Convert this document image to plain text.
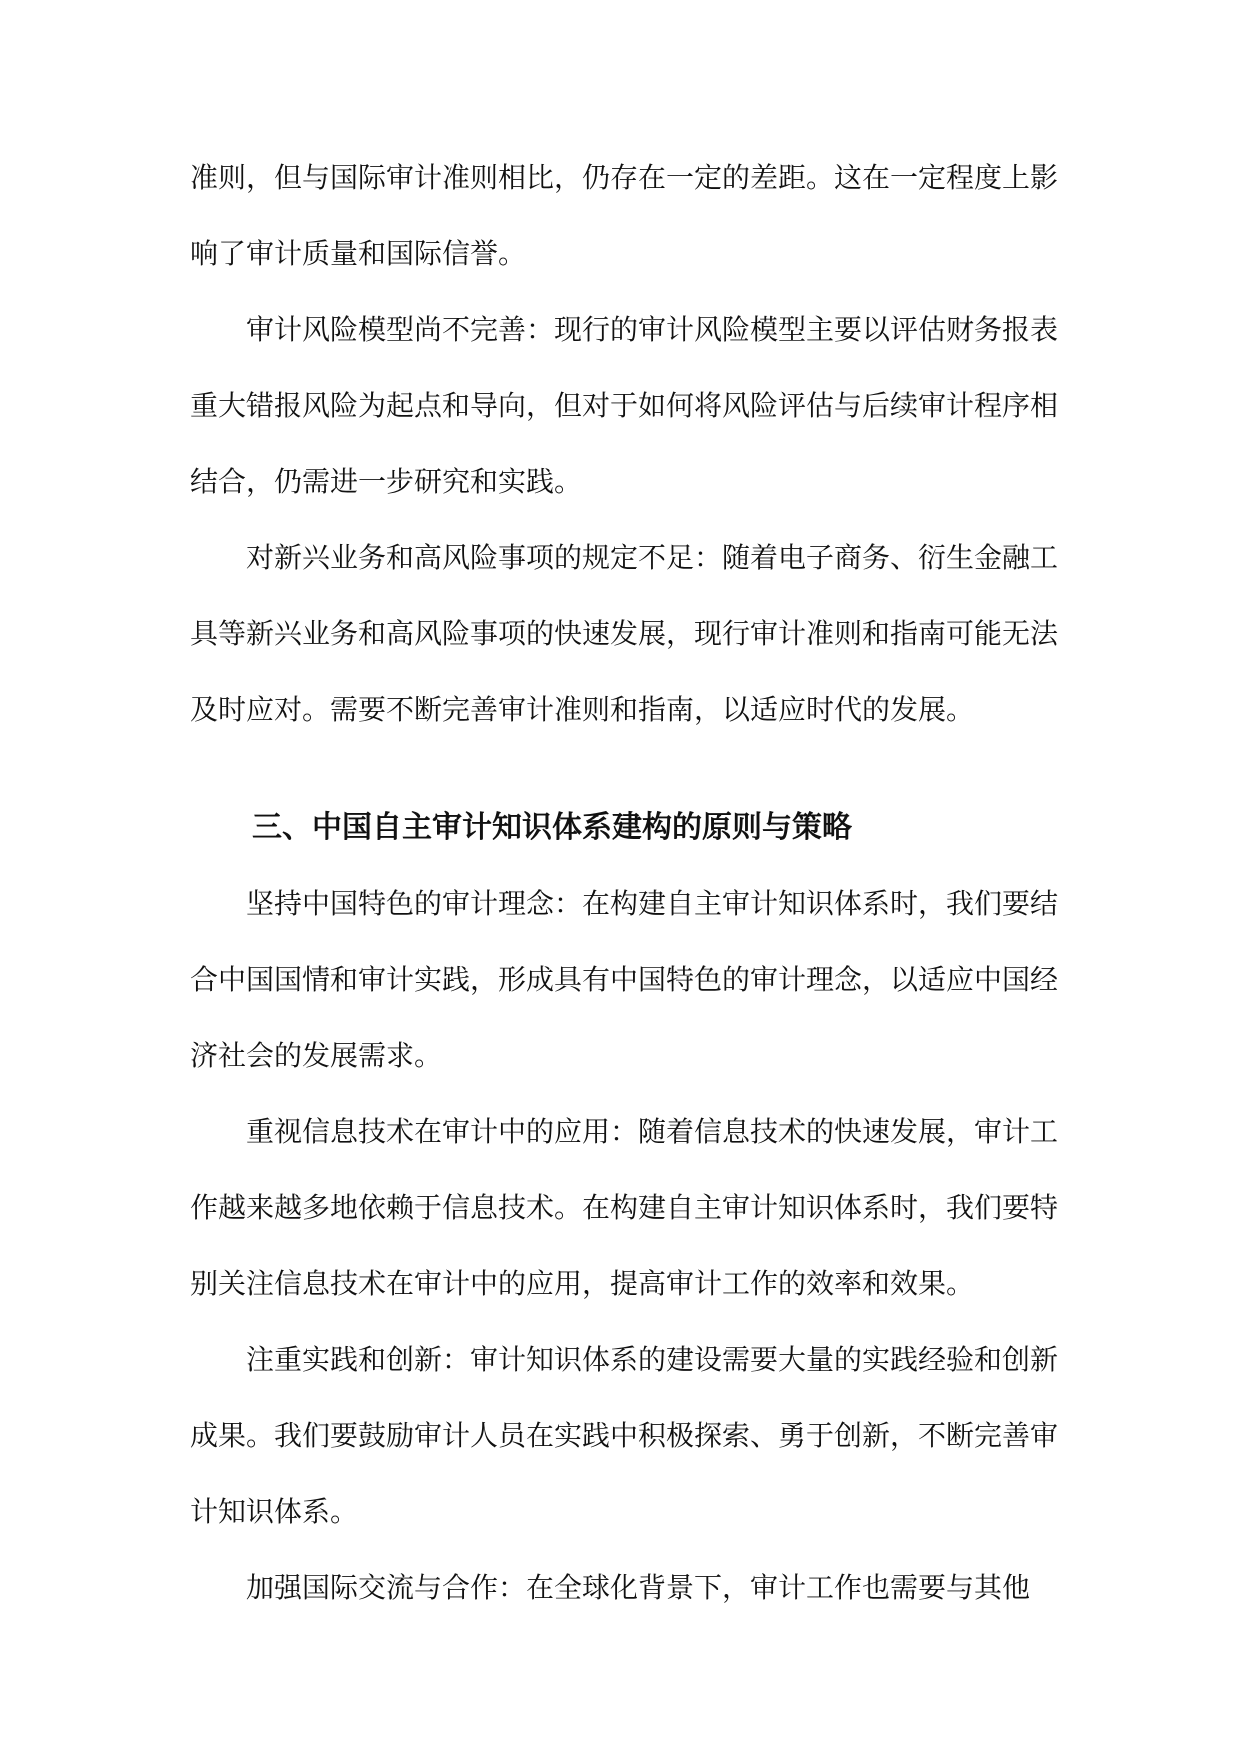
准则，但与国际审计准则相比，仍存在一定的差距。这在一定程度上影响了审计质量和国际信誉。

审计风险模型尚不完善：现行的审计风险模型主要以评估财务报表重大错报风险为起点和导向，但对于如何将风险评估与后续审计程序相结合，仍需进一步研究和实践。

对新兴业务和高风险事项的规定不足：随着电子商务、衍生金融工具等新兴业务和高风险事项的快速发展，现行审计准则和指南可能无法及时应对。需要不断完善审计准则和指南，以适应时代的发展。

三、中国自主审计知识体系建构的原则与策略

坚持中国特色的审计理念：在构建自主审计知识体系时，我们要结合中国国情和审计实践，形成具有中国特色的审计理念，以适应中国经济社会的发展需求。

重视信息技术在审计中的应用：随着信息技术的快速发展，审计工作越来越多地依赖于信息技术。在构建自主审计知识体系时，我们要特别关注信息技术在审计中的应用，提高审计工作的效率和效果。

注重实践和创新：审计知识体系的建设需要大量的实践经验和创新成果。我们要鼓励审计人员在实践中积极探索、勇于创新，不断完善审计知识体系。

加强国际交流与合作：在全球化背景下，审计工作也需要与其他
